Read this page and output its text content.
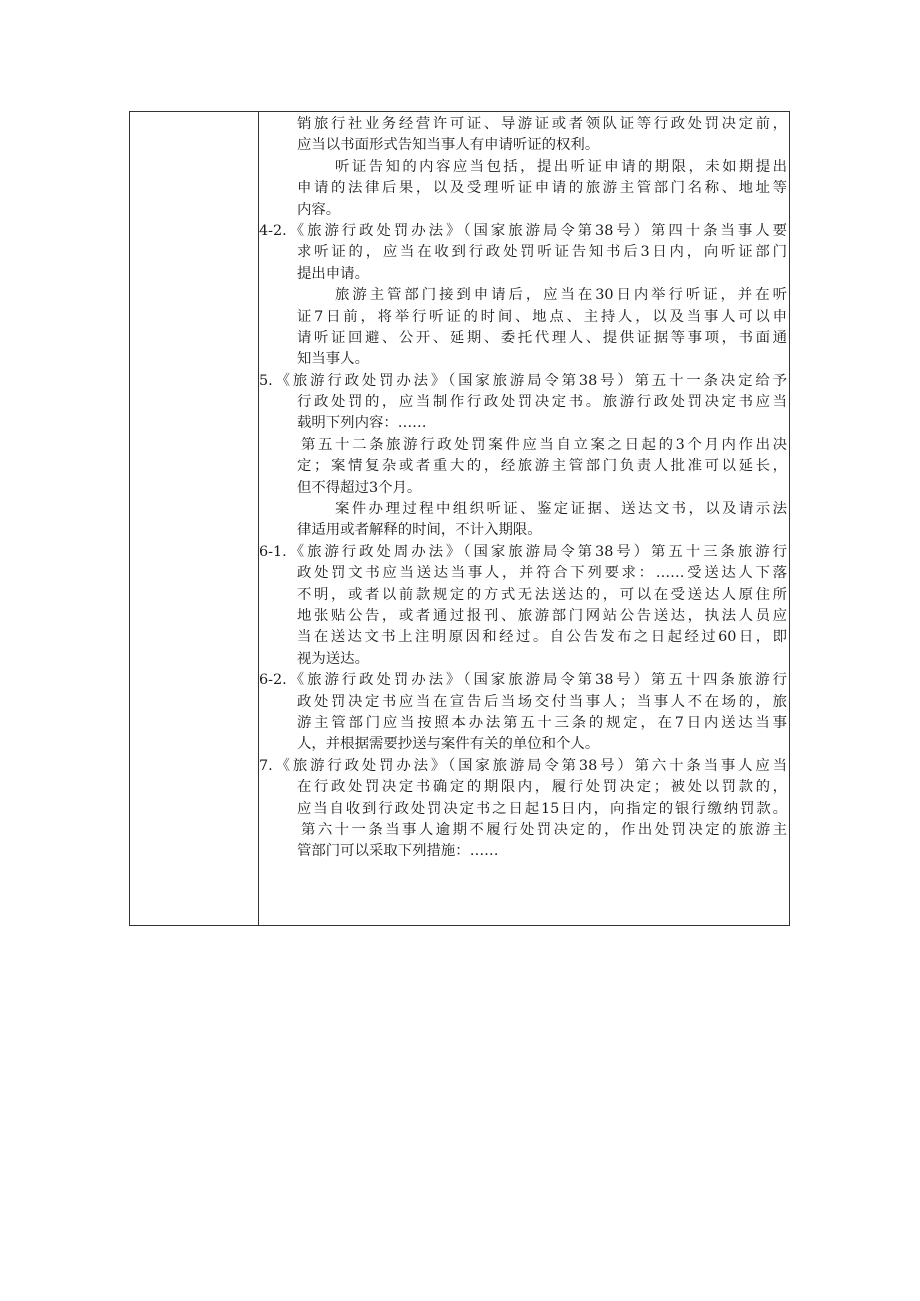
销旅行社业务经营许可证、导游证或者领队证等行政处罚决定前，
应当以书面形式告知当事人有申请听证的权利。
听证告知的内容应当包括，提出听证申请的期限，未如期提出
申请的法律后果，以及受理听证申请的旅游主管部门名称、地址等
内容。
4-2.《旅游行政处罚办法》（国家旅游局令第38号）第四十条当事人要
求听证的，应当在收到行政处罚听证告知书后3日内，向听证部门
提出申请。
旅游主管部门接到申请后，应当在30日内举行听证，并在听
证7日前，将举行听证的时间、地点、主持人，以及当事人可以申
请听证回避、公开、延期、委托代理人、提供证据等事项，书面通
知当事人。
5.《旅游行政处罚办法》（国家旅游局令第38号）第五十一条决定给予
行政处罚的，应当制作行政处罚决定书。旅游行政处罚决定书应当
载明下列内容：……
第五十二条旅游行政处罚案件应当自立案之日起的3个月内作出决
定；案情复杂或者重大的，经旅游主管部门负责人批准可以延长，
但不得超过3个月。
案件办理过程中组织听证、鉴定证据、送达文书，以及请示法
律适用或者解释的时间，不计入期限。
6-1.《旅游行政处周办法》（国家旅游局令第38号）第五十三条旅游行
政处罚文书应当送达当事人，并符合下列要求：……受送达人下落
不明，或者以前款规定的方式无法送达的，可以在受送达人原住所
地张贴公告，或者通过报刊、旅游部门网站公告送达，执法人员应
当在送达文书上注明原因和经过。自公告发布之日起经过60日，即
视为送达。
6-2.《旅游行政处罚办法》（国家旅游局令第38号）第五十四条旅游行
政处罚决定书应当在宣告后当场交付当事人；当事人不在场的，旅
游主管部门应当按照本办法第五十三条的规定，在7日内送达当事
人，并根据需要抄送与案件有关的单位和个人。
7.《旅游行政处罚办法》（国家旅游局令第38号）第六十条当事人应当
在行政处罚决定书确定的期限内，履行处罚决定；被处以罚款的，
应当自收到行政处罚决定书之日起15日内，向指定的银行缴纳罚款。
第六十一条当事人逾期不履行处罚决定的，作出处罚决定的旅游主
管部门可以采取下列措施：……
